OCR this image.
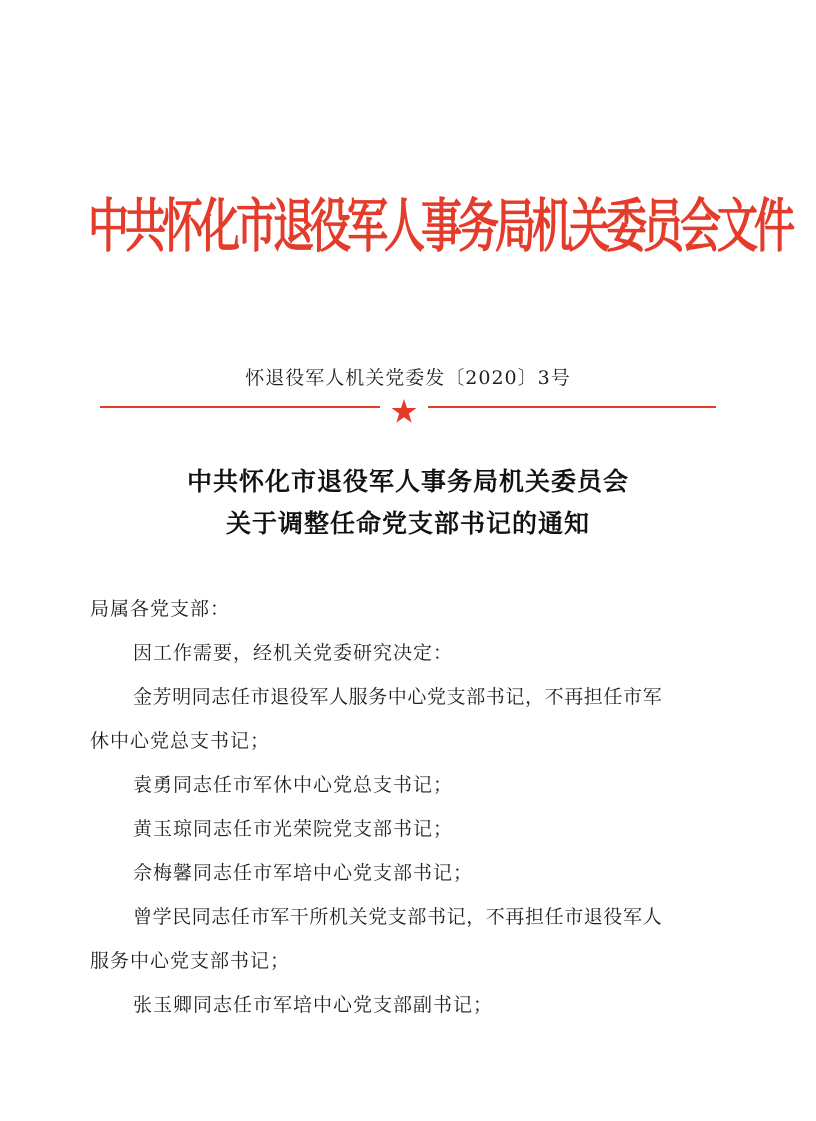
中共怀化市退役军人事务局机关委员会文件
怀退役军人机关党委发〔2020〕3号
中共怀化市退役军人事务局机关委员会
关于调整任命党支部书记的通知
局属各党支部：
因工作需要，经机关党委研究决定：
金芳明同志任市退役军人服务中心党支部书记，不再担任市军
休中心党总支书记；
袁勇同志任市军休中心党总支书记；
黄玉琼同志任市光荣院党支部书记；
佘梅馨同志任市军培中心党支部书记；
曾学民同志任市军干所机关党支部书记，不再担任市退役军人
服务中心党支部书记；
张玉卿同志任市军培中心党支部副书记；
